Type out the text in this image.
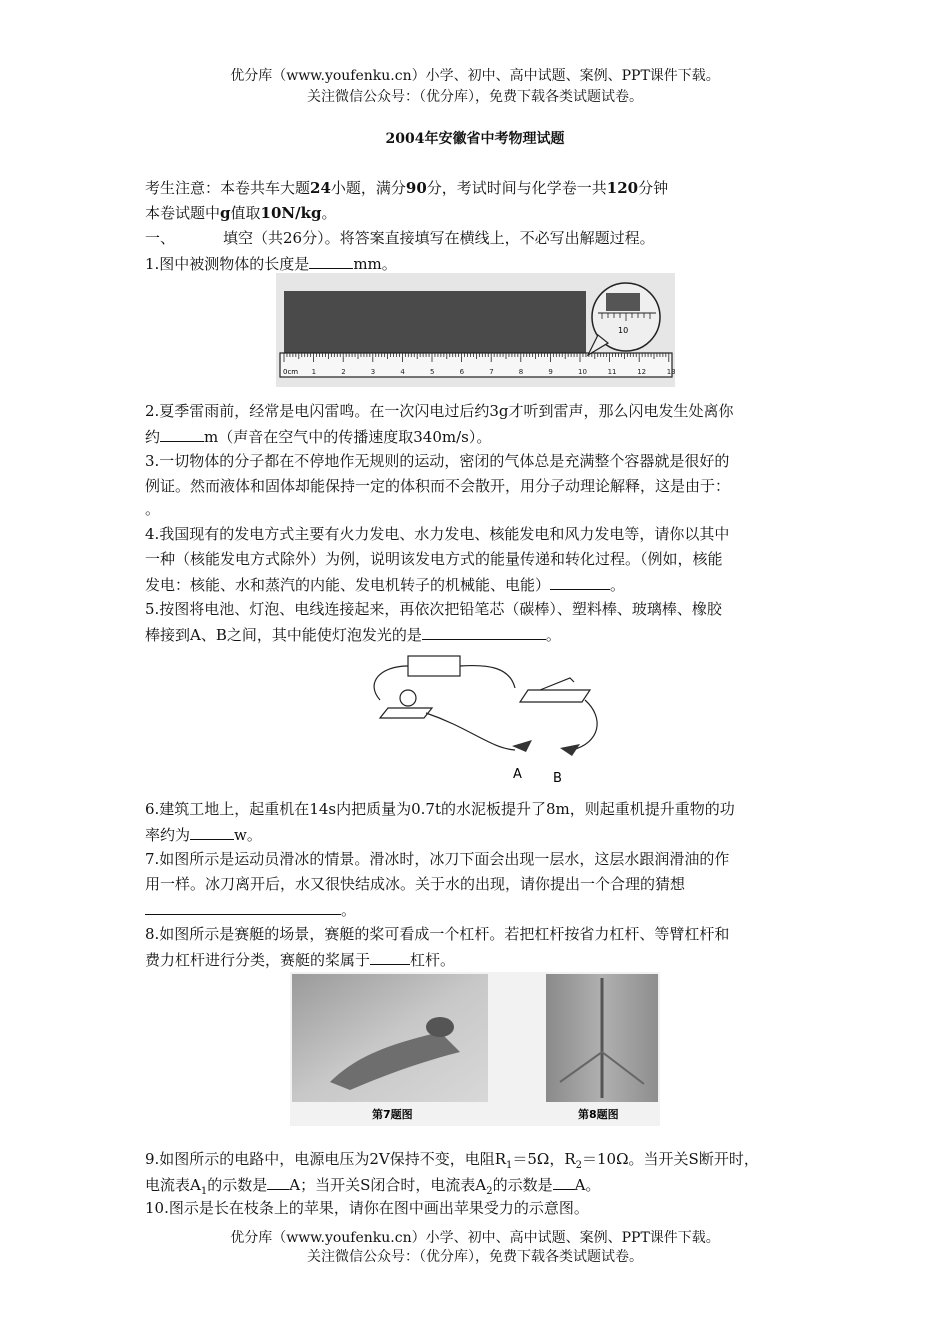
优分库（www.youfenku.cn）小学、初中、高中试题、案例、PPT课件下载。
关注微信公众号：（优分库），免费下载各类试题试卷。
2004年安徽省中考物理试题
考生注意：本卷共车大题24小题，满分90分，考试时间与化学卷一共120分钟
本卷试题中g值取10N/kg。
一、	填空（共26分）。将答案直接填写在横线上，不必写出解题过程。
1.图中被测物体的长度是	mm。
0cm 1	2	3	4	5	6	7	8	9	10	11	12	13
10
2.夏季雷雨前，经常是电闪雷鸣。在一次闪电过后约3g才听到雷声，那么闪电发生处离你
约	m（声音在空气中的传播速度取340m/s）。
3.一切物体的分子都在不停地作无规则的运动，密闭的气体总是充满整个容器就是很好的
例证。然而液体和固体却能保持一定的体积而不会散开，用分子动理论解释，这是由于：
。
4.我国现有的发电方式主要有火力发电、水力发电、核能发电和风力发电等，请你以其中
一种（核能发电方式除外）为例，说明该发电方式的能量传递和转化过程。（例如，核能
发电：核能、水和蒸汽的内能、发电机转子的机械能、电能）	。
5.按图将电池、灯泡、电线连接起来，再依次把铅笔芯（碳棒）、塑料棒、玻璃棒、橡胶
棒接到A、B之间，其中能使灯泡发光的是	。
A B
6.建筑工地上，起重机在14s内把质量为0.7t的水泥板提升了8m，则起重机提升重物的功
率约为	w。
7.如图所示是运动员滑冰的情景。滑冰时，冰刀下面会出现一层水，这层水跟润滑油的作
用一样。冰刀离开后，水又很快结成冰。关于水的出现，请你提出一个合理的猜想
。
8.如图所示是赛艇的场景，赛艇的桨可看成一个杠杆。若把杠杆按省力杠杆、等臂杠杆和
费力杠杆进行分类，赛艇的桨属于	杠杆。
第7题图	第8题图
9.如图所示的电路中，电源电压为2V保持不变，电阻$R_1=5\Omega$，$R_2=10\Omega$。当开关S断开时，
电流表$A_1$的示数是 A；当开关S闭合时，电流表$A_2$的示数是 A。
10.图示是长在枝条上的苹果，请你在图中画出苹果受力的示意图。
优分库（www.youfenku.cn）小学、初中、高中试题、案例、PPT课件下载。
关注微信公众号：（优分库），免费下载各类试题试卷。
